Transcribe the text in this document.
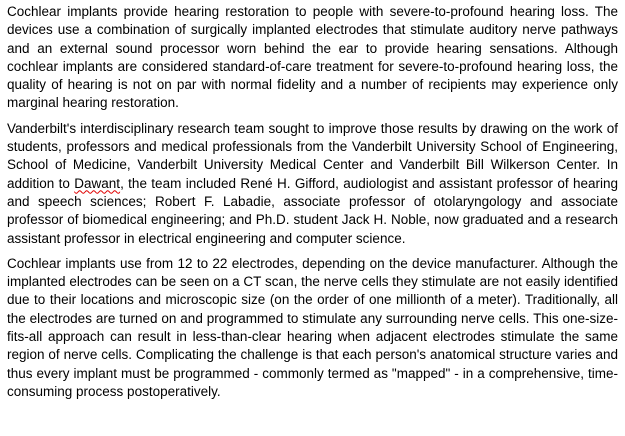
Cochlear implants provide hearing restoration to people with severe-to-profound hearing loss. The devices use a combination of surgically implanted electrodes that stimulate auditory nerve pathways and an external sound processor worn behind the ear to provide hearing sensations. Although cochlear implants are considered standard-of-care treatment for severe-to-profound hearing loss, the quality of hearing is not on par with normal fidelity and a number of recipients may experience only marginal hearing restoration.

Vanderbilt's interdisciplinary research team sought to improve those results by drawing on the work of students, professors and medical professionals from the Vanderbilt University School of Engineering, School of Medicine, Vanderbilt University Medical Center and Vanderbilt Bill Wilkerson Center. In addition to Dawant, the team included René H. Gifford, audiologist and assistant professor of hearing and speech sciences; Robert F. Labadie, associate professor of otolaryngology and associate professor of biomedical engineering; and Ph.D. student Jack H. Noble, now graduated and a research assistant professor in electrical engineering and computer science.

Cochlear implants use from 12 to 22 electrodes, depending on the device manufacturer. Although the implanted electrodes can be seen on a CT scan, the nerve cells they stimulate are not easily identified due to their locations and microscopic size (on the order of one millionth of a meter). Traditionally, all the electrodes are turned on and programmed to stimulate any surrounding nerve cells. This one-size-fits-all approach can result in less-than-clear hearing when adjacent electrodes stimulate the same region of nerve cells. Complicating the challenge is that each person's anatomical structure varies and thus every implant must be programmed - commonly termed as "mapped" - in a comprehensive, time-consuming process postoperatively.
